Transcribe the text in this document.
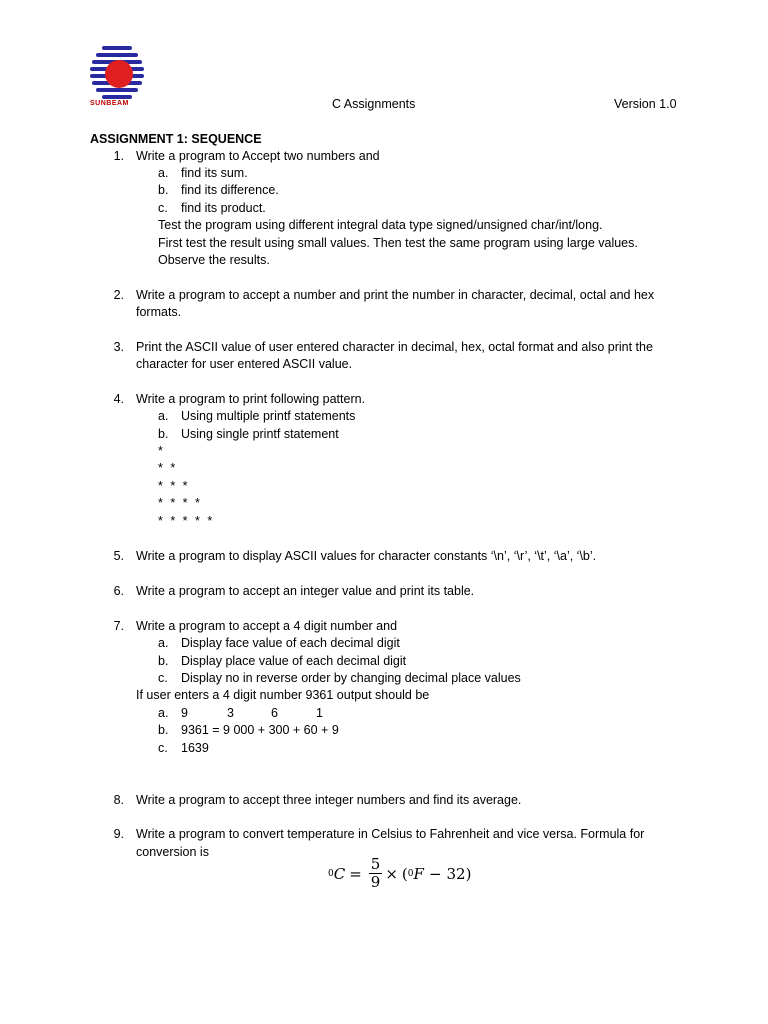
SUNBEAM	C Assignments	Version 1.0
ASSIGNMENT 1: SEQUENCE
1. Write a program to Accept two numbers and
a. find its sum.
b. find its difference.
c. find its product.
Test the program using different integral data type signed/unsigned char/int/long.
First test the result using small values. Then test the same program using large values.
Observe the results.
2. Write a program to accept a number and print the number in character, decimal, octal and hex
formats.
3. Print the ASCII value of user entered character in decimal, hex, octal format and also print the
character for user entered ASCII value.
4. Write a program to print following pattern.
a. Using multiple printf statements
b. Using single printf statement
*
* *
* * *
* * * *
* * * * *
5. Write a program to display ASCII values for character constants ‘\n’, ‘\r’, ‘\t’, ‘\a’, ‘\b’.
6. Write a program to accept an integer value and print its table.
7. Write a program to accept a 4 digit number and
a. Display face value of each decimal digit
b. Display place value of each decimal digit
c. Display no in reverse order by changing decimal place values
If user enters a 4 digit number 9361 output should be
a. 9	3	6	1
b. 9361 = 9 000 + 300 + 60 + 9
c. 1639
8. Write a program to accept three integer numbers and find its average.
9. Write a program to convert temperature in Celsius to Fahrenheit and vice versa. Formula for
conversion is
0 $C = \frac{5}{9}$ × ( 0 F − 32 )
